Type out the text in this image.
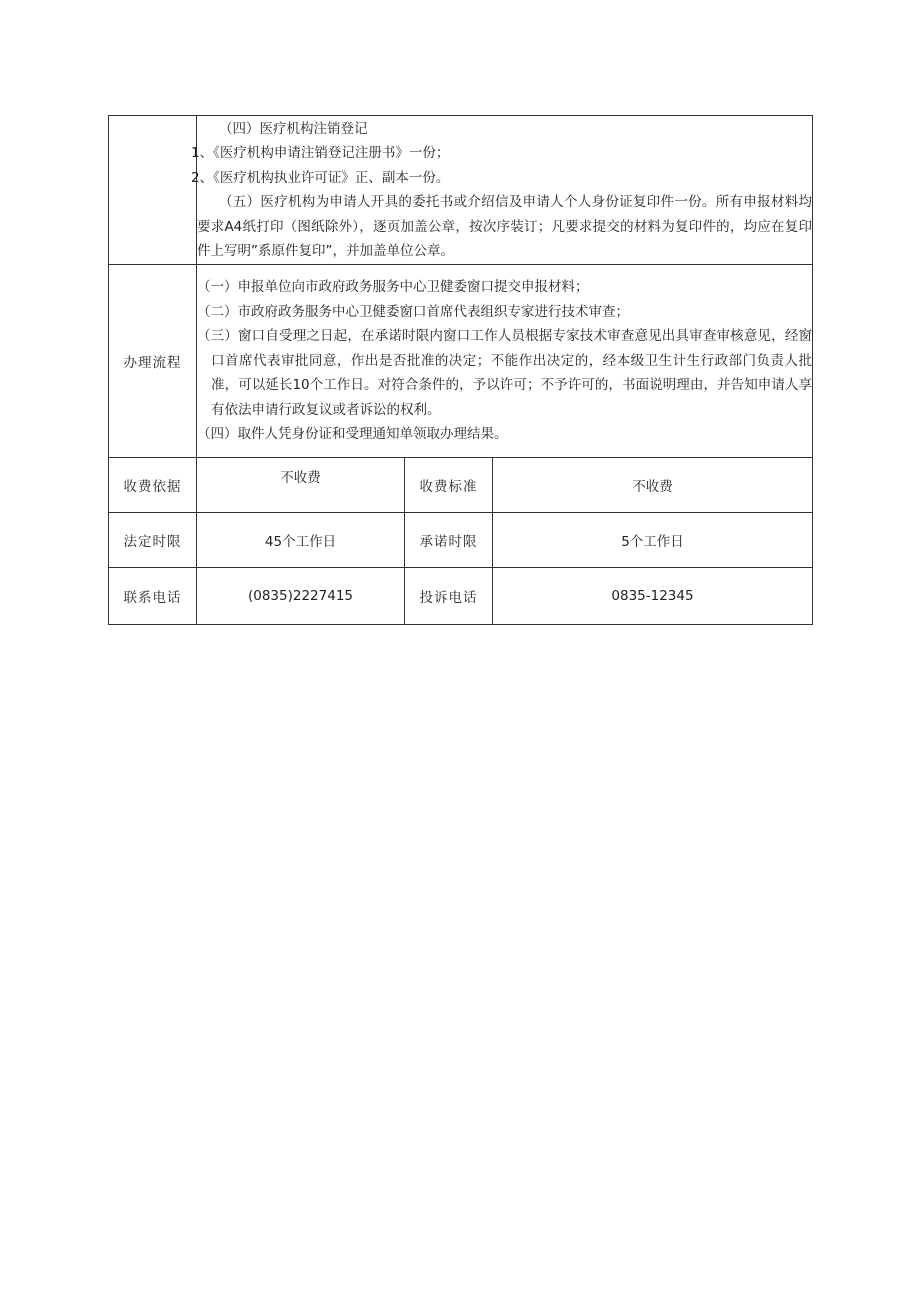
	（四）医疗机构注销登记
1、《医疗机构申请注销登记注册书》一份；
2、《医疗机构执业许可证》正、副本一份。
（五）医疗机构为申请人开具的委托书或介绍信及申请人个人身份证复印件一份。所有申报材料均要求A4纸打印（图纸除外），逐页加盖公章，按次序装订；凡要求提交的材料为复印件的，均应在复印件上写明”系原件复印”，并加盖单位公章。		

办理流程	（一）申报单位向市政府政务服务中心卫健委窗口提交申报材料；
（二）市政府政务服务中心卫健委窗口首席代表组织专家进行技术审查；
（三）窗口自受理之日起，在承诺时限内窗口工作人员根据专家技术审查意见出具审查审核意见，经窗口首席代表审批同意，作出是否批准的决定；不能作出决定的，经本级卫生计生行政部门负责人批准，可以延长10个工作日。对符合条件的，予以许可；不予许可的，书面说明理由，并告知申请人享有依法申请行政复议或者诉讼的权利。
（四）取件人凭身份证和受理通知单领取办理结果。		

收费依据	不收费	收费标准	不收费
法定时限	45个工作日	承诺时限	5个工作日
联系电话	(0835)2227415	投诉电话	0835-12345
